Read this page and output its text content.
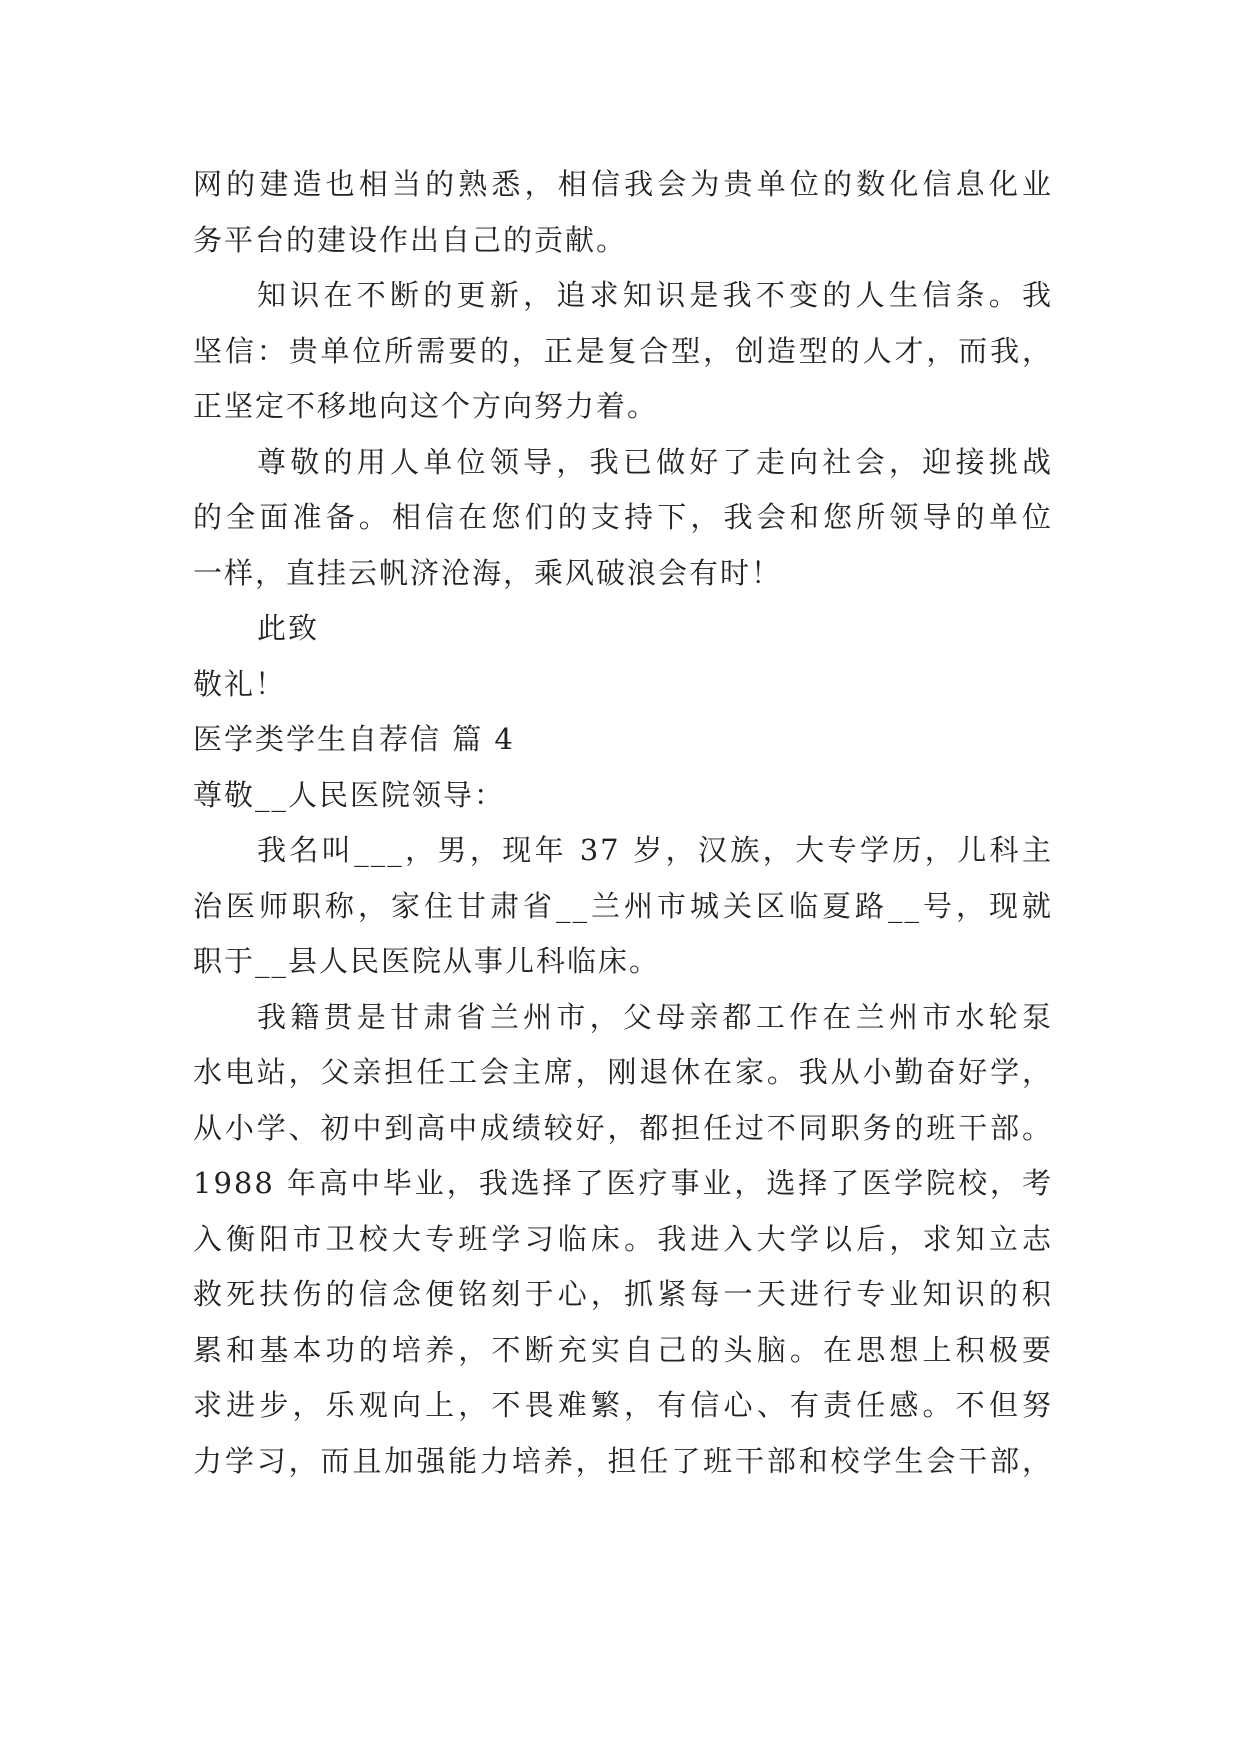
网的建造也相当的熟悉，相信我会为贵单位的数化信息化业
务平台的建设作出自己的贡献。
知识在不断的更新，追求知识是我不变的人生信条。我
坚信：贵单位所需要的，正是复合型，创造型的人才，而我，
正坚定不移地向这个方向努力着。
尊敬的用人单位领导，我已做好了走向社会，迎接挑战
的全面准备。相信在您们的支持下，我会和您所领导的单位
一样，直挂云帆济沧海，乘风破浪会有时！
此致
敬礼！
医学类学生自荐信 篇 4
尊敬__人民医院领导：
我名叫___，男，现年 37 岁，汉族，大专学历，儿科主
治医师职称，家住甘肃省__兰州市城关区临夏路__号，现就
职于__县人民医院从事儿科临床。
我籍贯是甘肃省兰州市，父母亲都工作在兰州市水轮泵
水电站，父亲担任工会主席，刚退休在家。我从小勤奋好学，
从小学、初中到高中成绩较好，都担任过不同职务的班干部。
1988 年高中毕业，我选择了医疗事业，选择了医学院校，考
入衡阳市卫校大专班学习临床。我进入大学以后，求知立志
救死扶伤的信念便铭刻于心，抓紧每一天进行专业知识的积
累和基本功的培养，不断充实自己的头脑。在思想上积极要
求进步，乐观向上，不畏难繁，有信心、有责任感。不但努
力学习，而且加强能力培养，担任了班干部和校学生会干部，
